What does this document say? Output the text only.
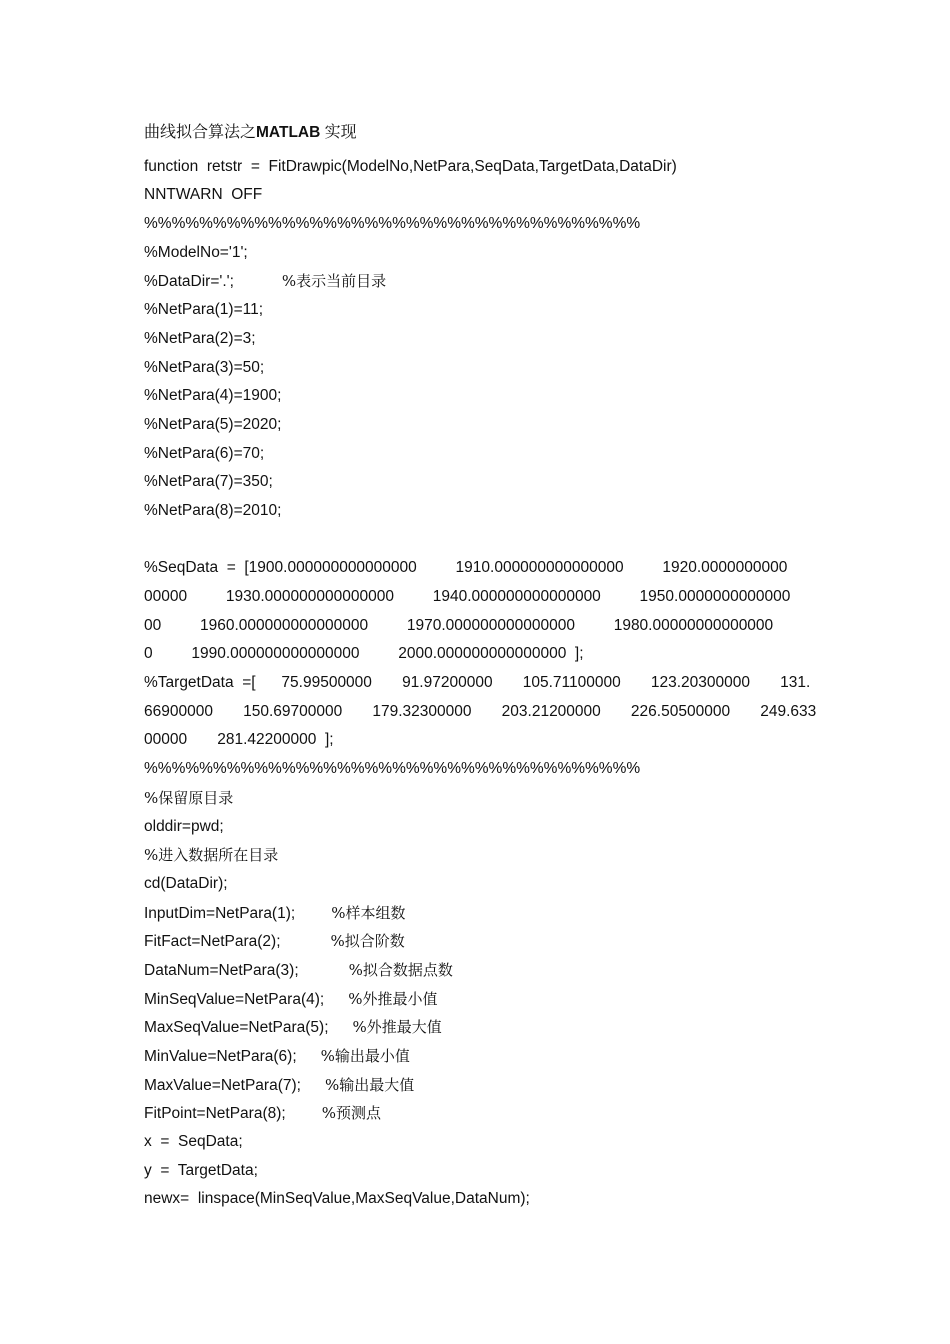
曲线拟合算法之MATLAB 实现
function  retstr  =  FitDrawpic(ModelNo,NetPara,SeqData,TargetData,DataDir)
NNTWARN  OFF
%%%%%%%%%%%%%%%%%%%%%%%%%%%%%%%%%%%%
%ModelNo='1';
%DataDir='.';	%表示当前目录
%NetPara(1)=11;
%NetPara(2)=3;
%NetPara(3)=50;
%NetPara(4)=1900;
%NetPara(5)=2020;
%NetPara(6)=70;
%NetPara(7)=350;
%NetPara(8)=2010;
%SeqData  =  [1900.000000000000000         1910.000000000000000         1920.0000000000
00000         1930.000000000000000         1940.000000000000000         1950.0000000000000
00         1960.000000000000000         1970.000000000000000         1980.00000000000000
0         1990.000000000000000         2000.000000000000000  ];
%TargetData  =[      75.99500000       91.97200000       105.71100000       123.20300000       131.
66900000       150.69700000       179.32300000       203.21200000       226.50500000       249.633
00000       281.42200000  ];
%%%%%%%%%%%%%%%%%%%%%%%%%%%%%%%%%%%%
%保留原目录
olddir=pwd;
%进入数据所在目录
cd(DataDir);
InputDim=NetPara(1); %样本组数
FitFact=NetPara(2);	%拟合阶数
DataNum=NetPara(3);	%拟合数据点数
MinSeqValue=NetPara(4); %外推最小值
MaxSeqValue=NetPara(5); %外推最大值
MinValue=NetPara(6); %输出最小值
MaxValue=NetPara(7); %输出最大值
FitPoint=NetPara(8); %预测点
x  =  SeqData;
y  =  TargetData;
newx=  linspace(MinSeqValue,MaxSeqValue,DataNum);
